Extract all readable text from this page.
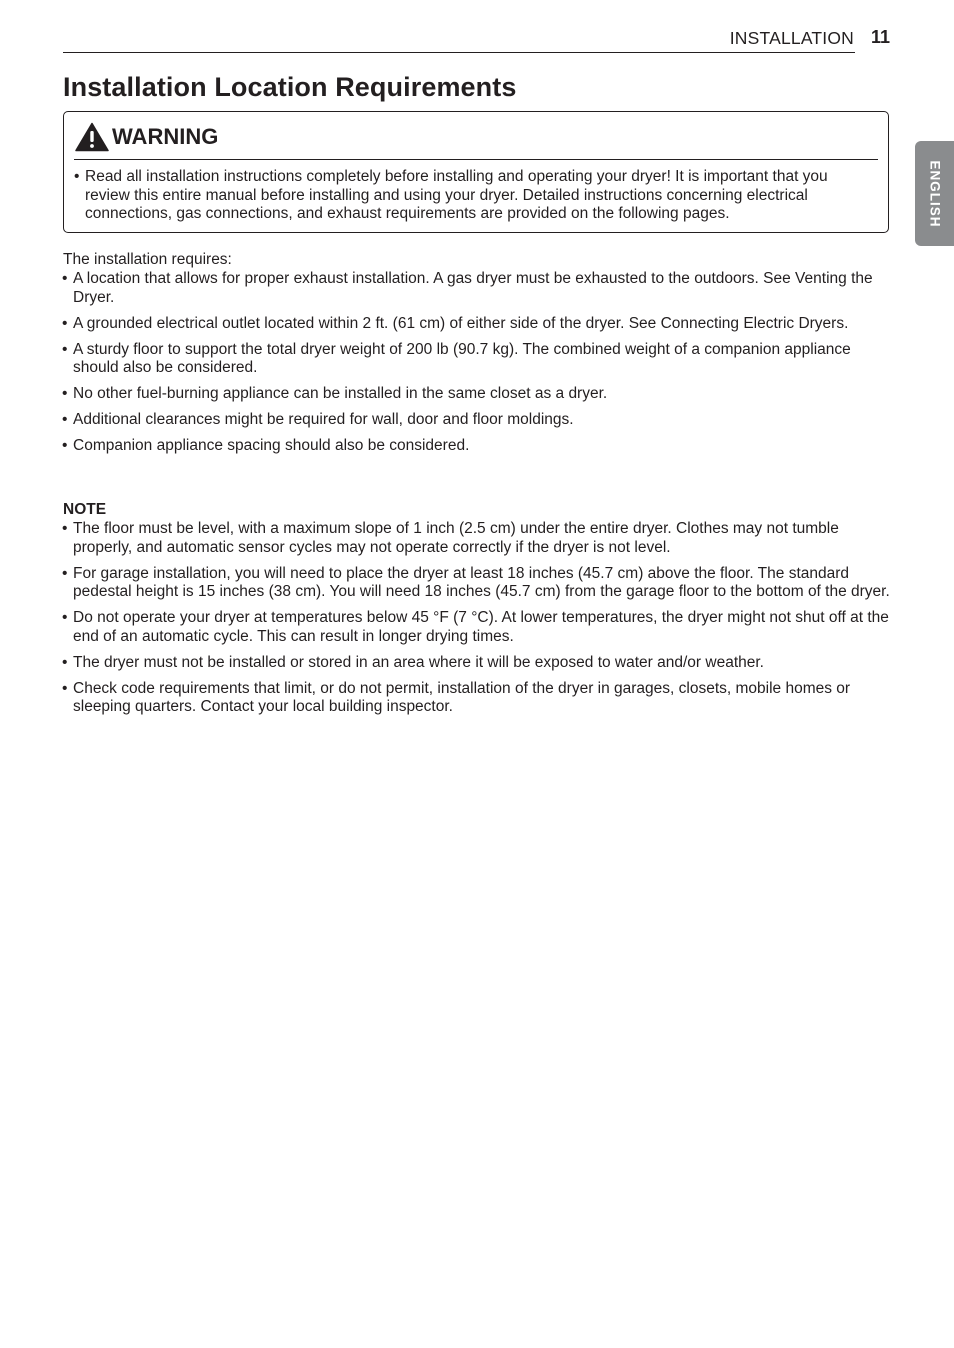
INSTALLATION 11
ENGLISH
Installation Location Requirements
WARNING
• Read all installation instructions completely before installing and operating your dryer! It is important that you review this entire manual before installing and using your dryer. Detailed instructions concerning electrical connections, gas connections, and exhaust requirements are provided on the following pages.
The installation requires:
• A location that allows for proper exhaust installation. A gas dryer must be exhausted to the outdoors. See Venting the Dryer.
• A grounded electrical outlet located within 2 ft. (61 cm) of either side of the dryer. See Connecting Electric Dryers.
• A sturdy floor to support the total dryer weight of 200 lb (90.7 kg). The combined weight of a companion appliance should also be considered.
• No other fuel-burning appliance can be installed in the same closet as a dryer.
• Additional clearances might be required for wall, door and floor moldings.
• Companion appliance spacing should also be considered.
NOTE
• The floor must be level, with a maximum slope of 1 inch (2.5 cm) under the entire dryer. Clothes may not tumble properly, and automatic sensor cycles may not operate correctly if the dryer is not level.
• For garage installation, you will need to place the dryer at least 18 inches (45.7 cm) above the floor. The standard pedestal height is 15 inches (38 cm). You will need 18 inches (45.7 cm) from the garage floor to the bottom of the dryer.
• Do not operate your dryer at temperatures below 45 °F (7 °C). At lower temperatures, the dryer might not shut off at the end of an automatic cycle. This can result in longer drying times.
• The dryer must not be installed or stored in an area where it will be exposed to water and/or weather.
• Check code requirements that limit, or do not permit, installation of the dryer in garages, closets, mobile homes or sleeping quarters. Contact your local building inspector.
